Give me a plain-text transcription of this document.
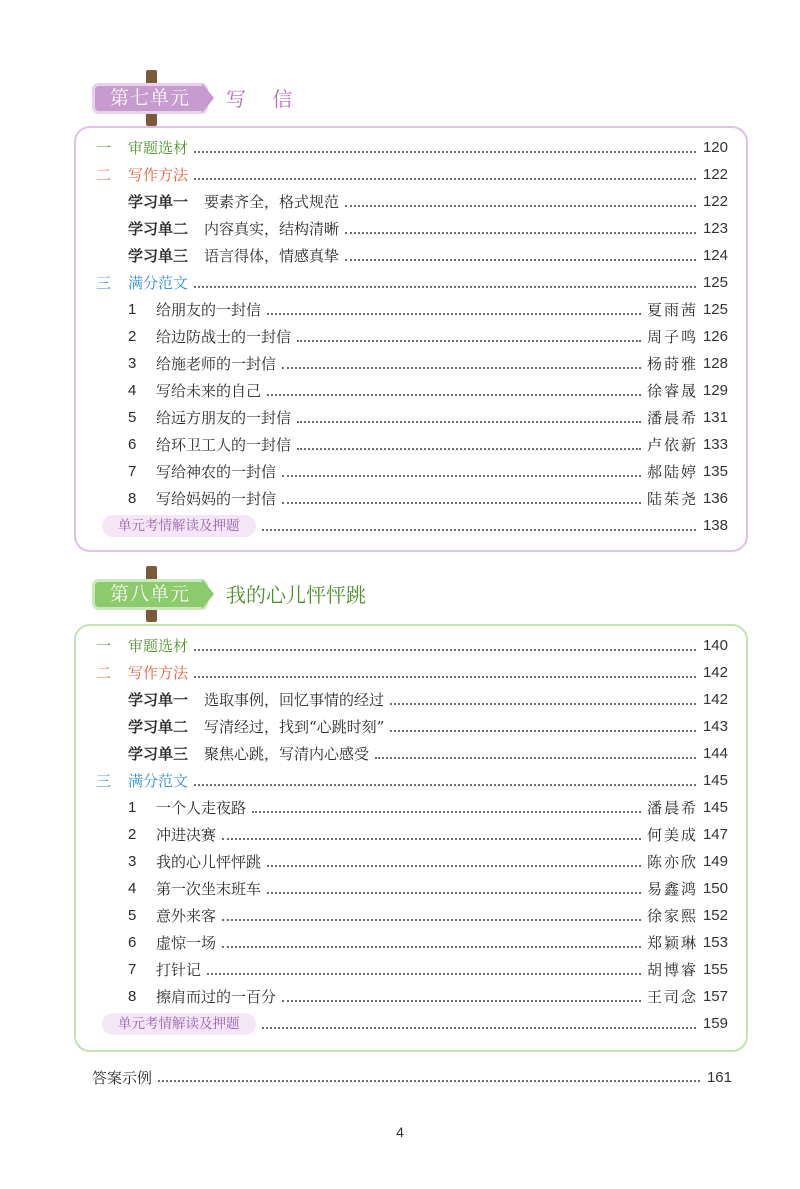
第七单元	写 信
一	审题选材	120
二	写作方法	122
学习单一 要素齐全，格式规范	122
学习单二 内容真实，结构清晰	123
学习单三 语言得体，情感真挚	124
三	满分范文	125
1	给朋友的一封信	夏雨茜 125
2	给边防战士的一封信	周子鸣 126
3	给施老师的一封信	杨莳雅 128
4	写给未来的自己	徐睿晟 129
5	给远方朋友的一封信	潘晨希 131
6	给环卫工人的一封信	卢依新 133
7	写给神农的一封信	郝陆婷 135
8	写给妈妈的一封信	陆茱尧 136
单元考情解读及押题	138
第八单元	我的心儿怦怦跳
一	审题选材	140
二	写作方法	142
学习单一 选取事例，回忆事情的经过	142
学习单二 写清经过，找到“心跳时刻”	143
学习单三 聚焦心跳，写清内心感受	144
三	满分范文	145
1	一个人走夜路	潘晨希 145
2	冲进决赛	何美成 147
3	我的心儿怦怦跳	陈亦欣 149
4	第一次坐末班车	易鑫鸿 150
5	意外来客	徐家熙 152
6	虚惊一场	郑颖琳 153
7	打针记	胡博睿 155
8	擦肩而过的一百分	王司念 157
单元考情解读及押题	159
答案示例	161
4
